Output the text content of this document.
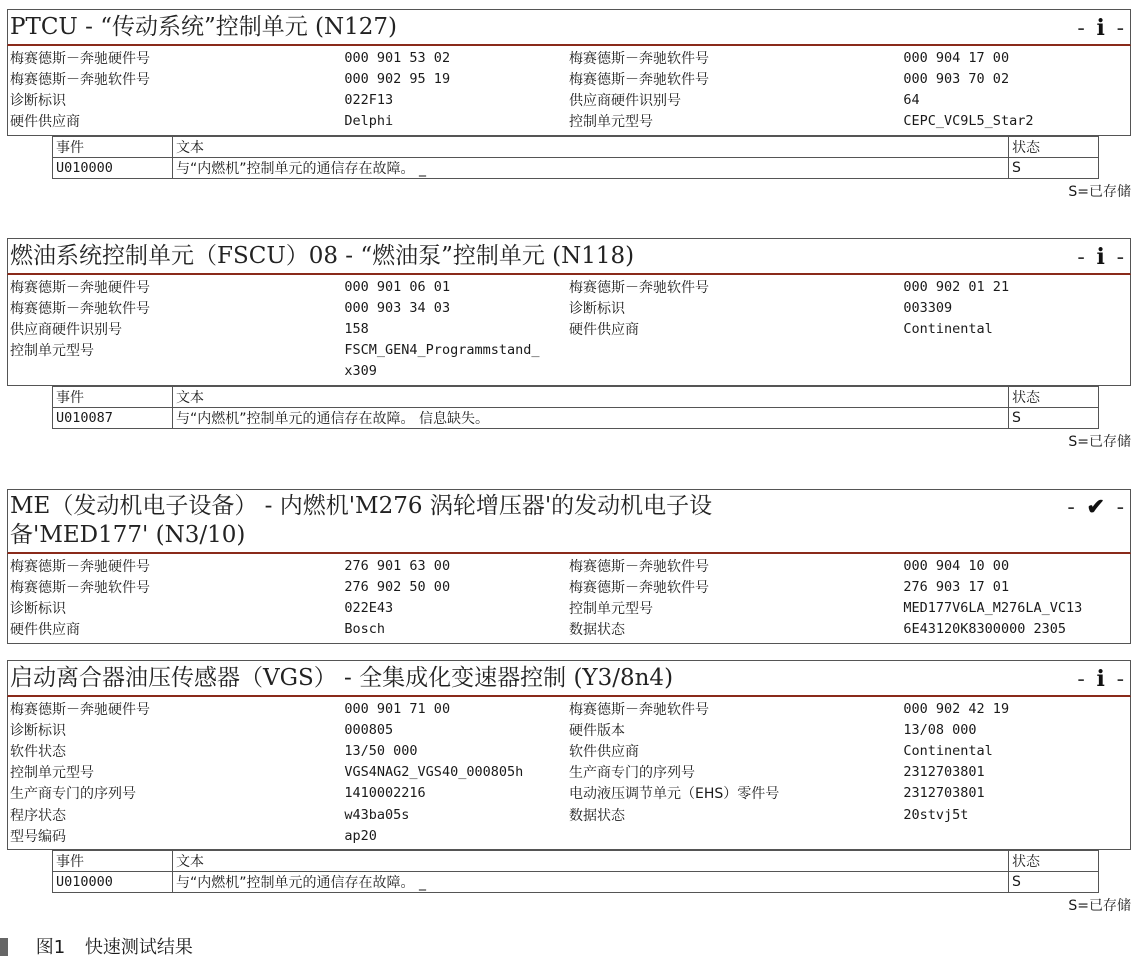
PTCU - “传动系统”控制单元 (N127)	- i -
梅赛德斯－奔驰硬件号	000 901 53 02	梅赛德斯－奔驰软件号	000 904 17 00
梅赛德斯－奔驰软件号	000 902 95 19	梅赛德斯－奔驰软件号	000 903 70 02
诊断标识	022F13	供应商硬件识别号	64
硬件供应商	Delphi	控制单元型号	CEPC_VC9L5_Star2
事件	文本	状态
U010000	与“内燃机”控制单元的通信存在故障。 _	S
S=已存储
燃油系统控制单元（FSCU）08 - “燃油泵”控制单元 (N118)	- i -
梅赛德斯－奔驰硬件号	000 901 06 01	梅赛德斯－奔驰软件号	000 902 01 21
梅赛德斯－奔驰软件号	000 903 34 03	诊断标识	003309
供应商硬件识别号	158	硬件供应商	Continental
控制单元型号	FSCM_GEN4_Programmstand_
x309
事件	文本	状态
U010087	与“内燃机”控制单元的通信存在故障。 信息缺失。	S
S=已存储
ME（发动机电子设备） - 内燃机'M276 涡轮增压器'的发动机电子设备'MED177' (N3/10)
- ✔ -
梅赛德斯－奔驰硬件号	276 901 63 00	梅赛德斯－奔驰软件号	000 904 10 00
梅赛德斯－奔驰软件号	276 902 50 00	梅赛德斯－奔驰软件号	276 903 17 01
诊断标识	022E43	控制单元型号	MED177V6LA_M276LA_VC13
硬件供应商	Bosch	数据状态	6E43120K8300000 2305
启动离合器油压传感器（VGS） - 全集成化变速器控制 (Y3/8n4)	- i -
梅赛德斯－奔驰硬件号	000 901 71 00	梅赛德斯－奔驰软件号	000 902 42 19
诊断标识	000805	硬件版本	13/08 000
软件状态	13/50 000	软件供应商	Continental
控制单元型号	VGS4NAG2_VGS40_000805h	生产商专门的序列号	2312703801
生产商专门的序列号	1410002216	电动液压调节单元（EHS）零件号	2312703801
程序状态	w43ba05s	数据状态	20stvj5t
型号编码	ap20
事件	文本	状态
U010000	与“内燃机”控制单元的通信存在故障。 _	S
S=已存储
图1 快速测试结果
